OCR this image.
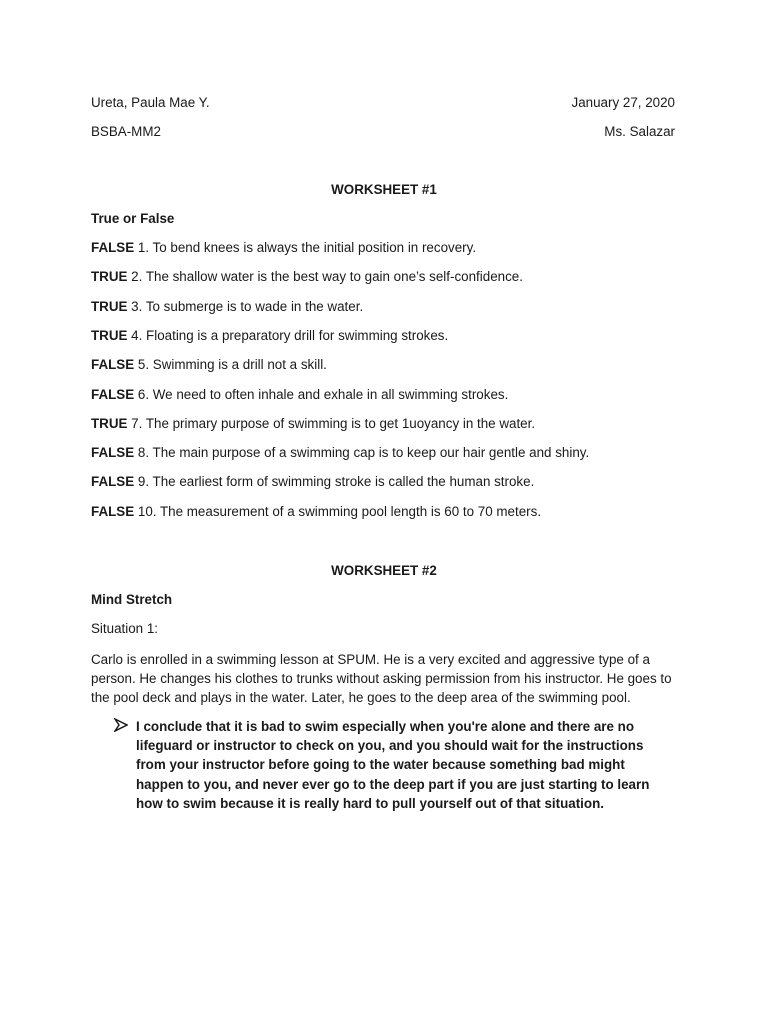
Ureta, Paula Mae Y.	January 27, 2020
BSBA-MM2	Ms. Salazar
WORKSHEET #1
True or False
FALSE 1. To bend knees is always the initial position in recovery.
TRUE 2. The shallow water is the best way to gain one’s self-confidence.
TRUE 3. To submerge is to wade in the water.
TRUE 4. Floating is a preparatory drill for swimming strokes.
FALSE 5. Swimming is a drill not a skill.
FALSE 6. We need to often inhale and exhale in all swimming strokes.
TRUE 7. The primary purpose of swimming is to get 1uoyancy in the water.
FALSE 8. The main purpose of a swimming cap is to keep our hair gentle and shiny.
FALSE 9. The earliest form of swimming stroke is called the human stroke.
FALSE 10. The measurement of a swimming pool length is 60 to 70 meters.
WORKSHEET #2
Mind Stretch
Situation 1:
Carlo is enrolled in a swimming lesson at SPUM. He is a very excited and aggressive type of a person. He changes his clothes to trunks without asking permission from his instructor. He goes to the pool deck and plays in the water. Later, he goes to the deep area of the swimming pool.
I conclude that it is bad to swim especially when you're alone and there are no lifeguard or instructor to check on you, and you should wait for the instructions from your instructor before going to the water because something bad might happen to you, and never ever go to the deep part if you are just starting to learn how to swim because it is really hard to pull yourself out of that situation.
